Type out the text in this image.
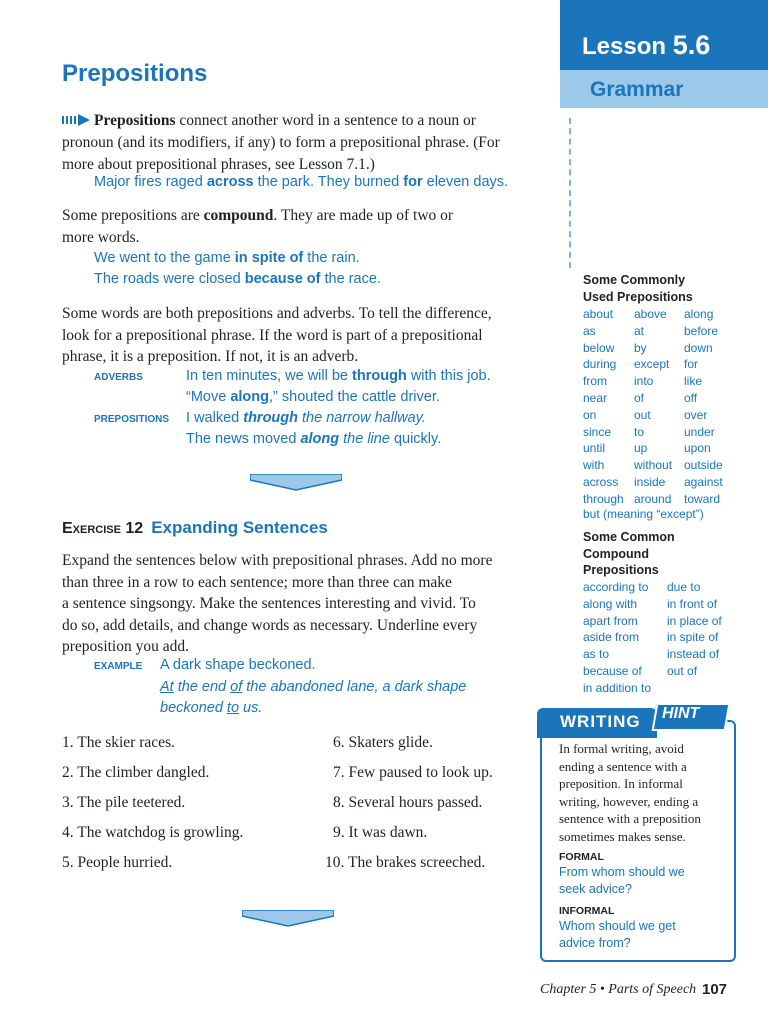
Lesson 5.6
Grammar
Prepositions
Prepositions connect another word in a sentence to a noun or
pronoun (and its modifiers, if any) to form a prepositional phrase. (For
more about prepositional phrases, see Lesson 7.1.)
Major fires raged across the park. They burned for eleven days.
Some prepositions are compound. They are made up of two or
more words.
We went to the game in spite of the rain.
The roads were closed because of the race.
Some words are both prepositions and adverbs. To tell the difference,
look for a prepositional phrase. If the word is part of a prepositional
phrase, it is a preposition. If not, it is an adverb.
ADVERBS	In ten minutes, we will be through with this job.
“Move along,” shouted the cattle driver.
PREPOSITIONS I walked through the narrow hallway.
The news moved along the line quickly.
Exercise 12 Expanding Sentences
Expand the sentences below with prepositional phrases. Add no more
than three in a row to each sentence; more than three can make
a sentence singsongy. Make the sentences interesting and vivid. To
do so, add details, and change words as necessary. Underline every
preposition you add.
EXAMPLE A dark shape beckoned.
At the end of the abandoned lane, a dark shape
beckoned to us.
1. The skier races.
2. The climber dangled.
3. The pile teetered.
4. The watchdog is growling.
5. People hurried.
6. Skaters glide.
7. Few paused to look up.
8. Several hours passed.
9. It was dawn.
10. The brakes screeched.
Some Commonly
Used Prepositions
about
as
below
during
from
near
on
since
until
with
across
through
above
at
by
except
into
of
out
to
up
without
inside
around
along
before
down
for
like
off
over
under
upon
outside
against
toward
but (meaning “except”)
Some Common
Compound
Prepositions
according to
along with
apart from
aside from
as to
because of
in addition to
due to
in front of
in place of
in spite of
instead of
out of
WRITING HINT
In formal writing, avoid
ending a sentence with a
preposition. In informal
writing, however, ending a
sentence with a preposition
sometimes makes sense.
FORMAL
From whom should we
seek advice?
INFORMAL
Whom should we get
advice from?
Chapter 5 • Parts of Speech 107
